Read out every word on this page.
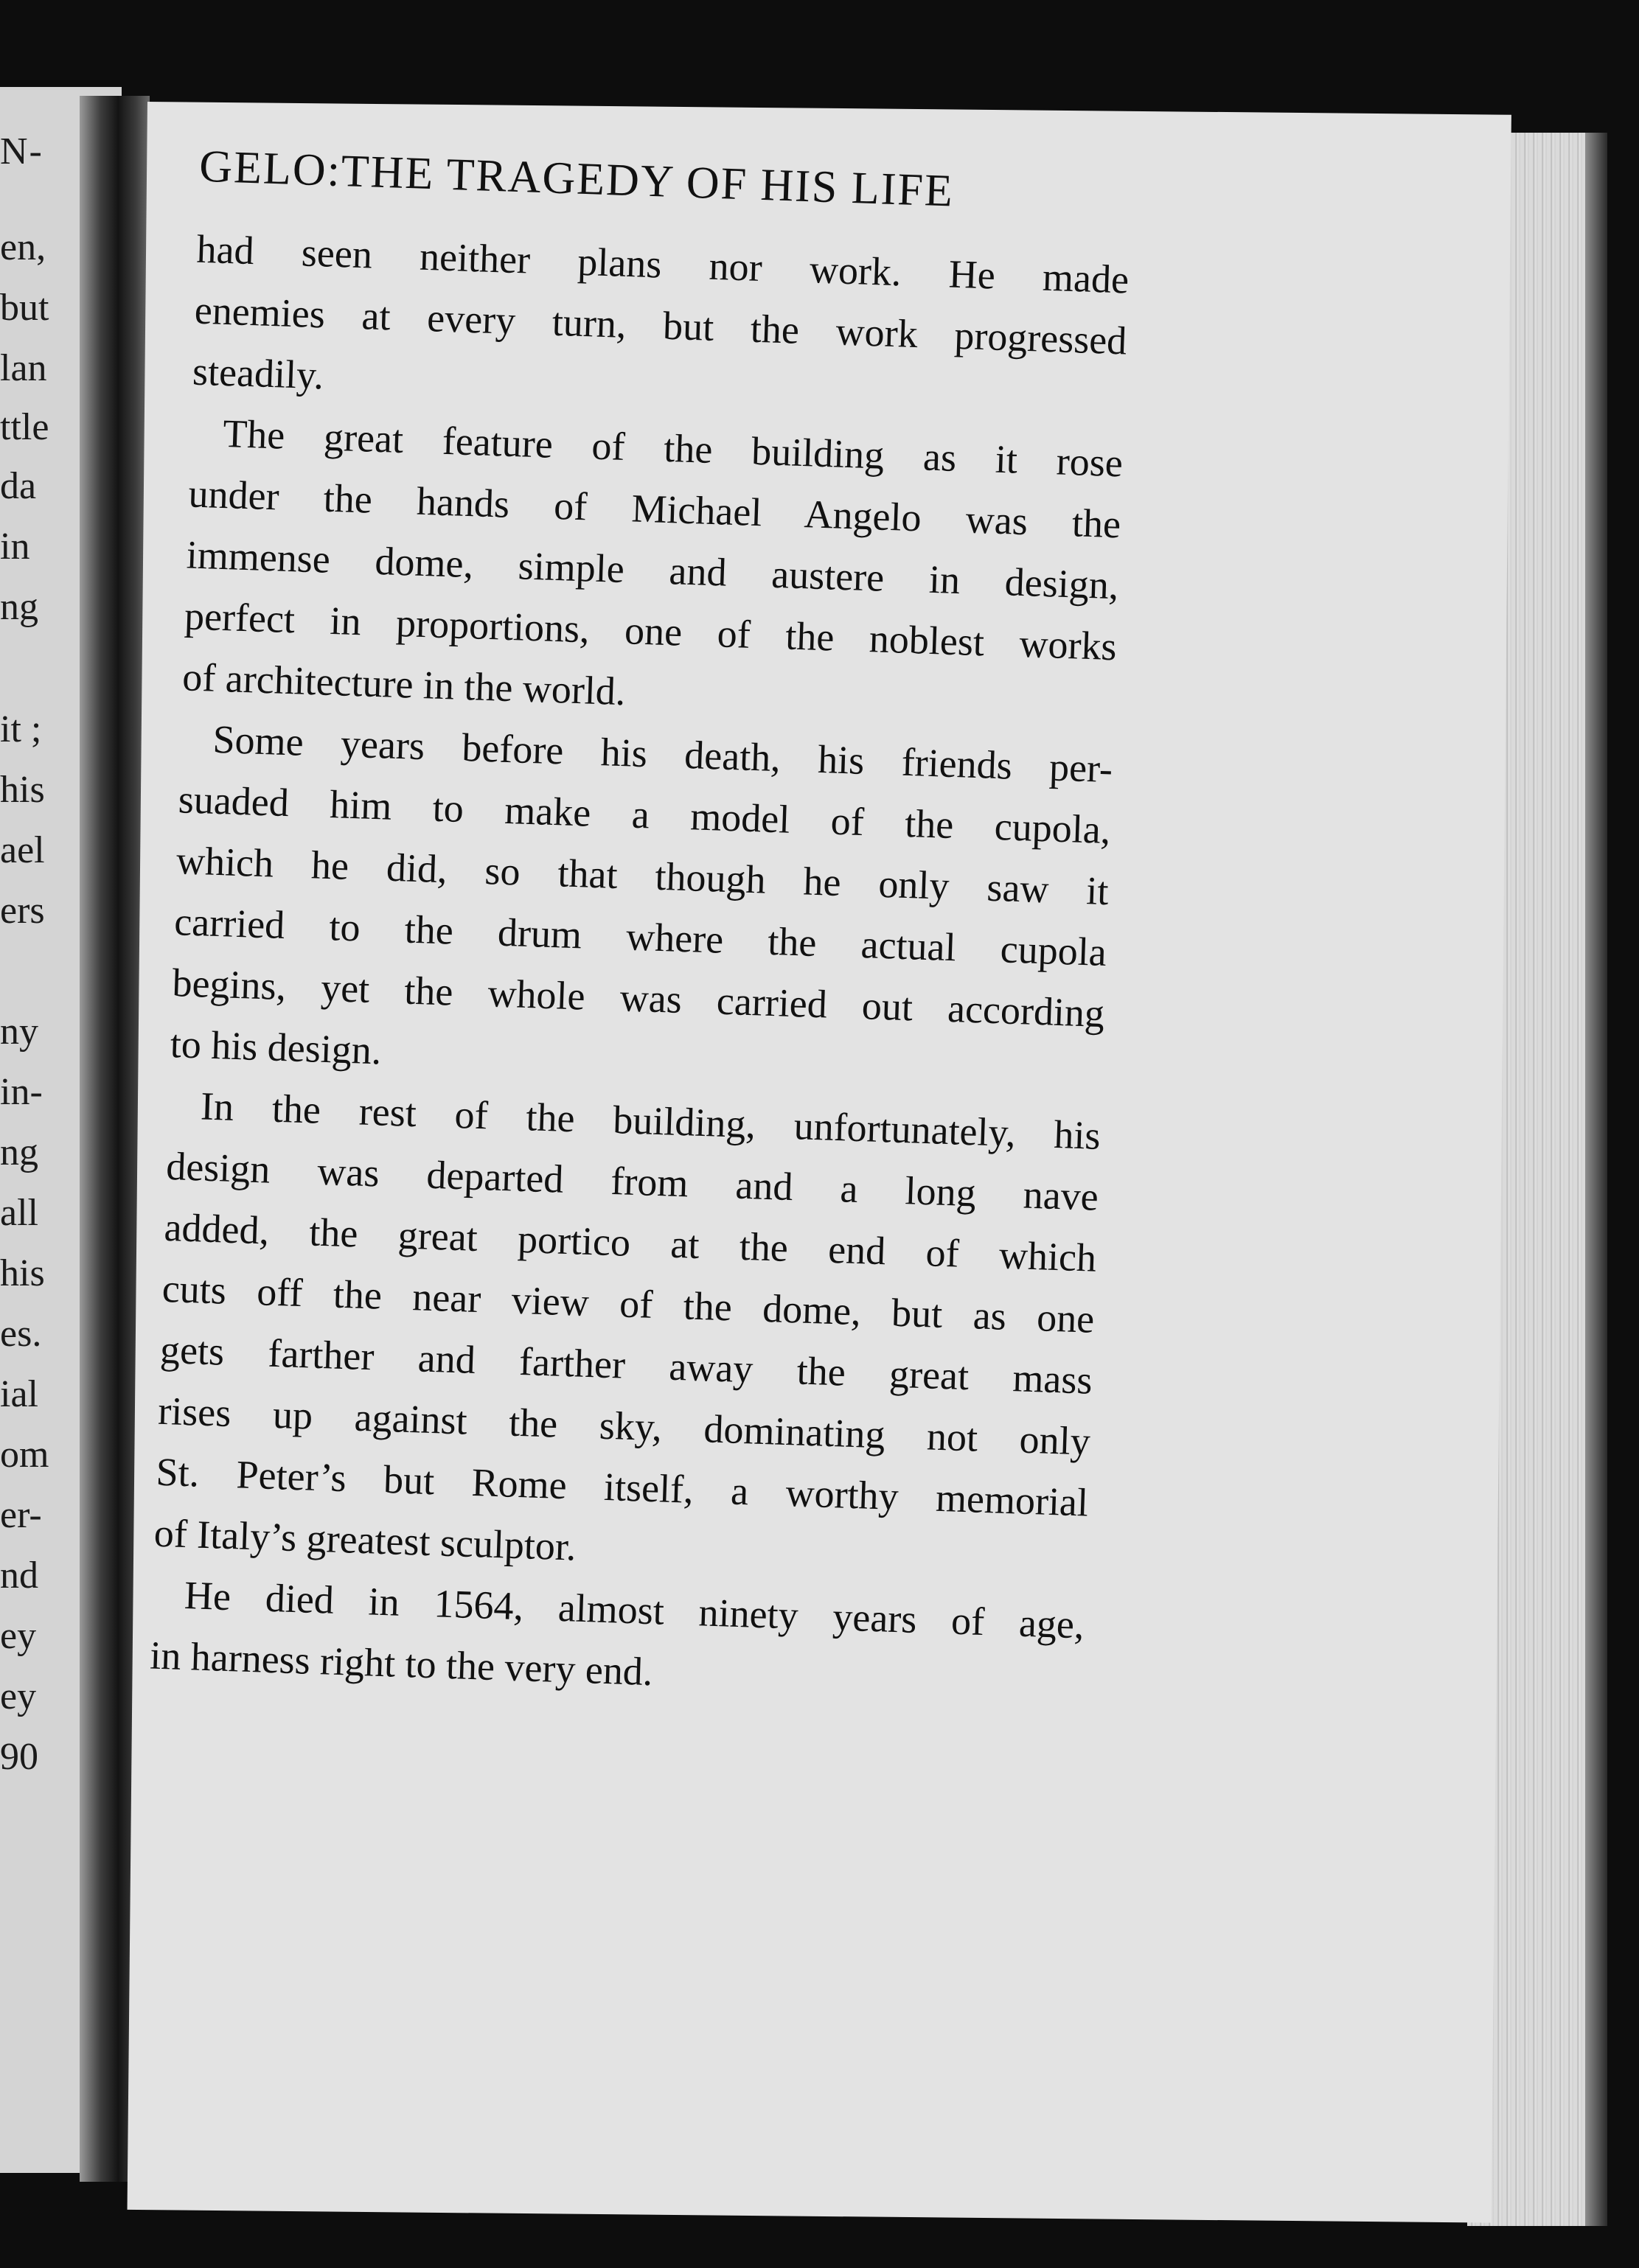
N-
en,
but
lan
ttle
da
in
ng
it ;
his
ael
ers
ny
in-
ng
all
his
es.
ial
om
er-
nd
ey
ey
90
GELO:THE TRAGEDY OF HIS LIFE
had seen neither plans nor work. He made
enemies at every turn, but the work progressed
steadily.
The great feature of the building as it rose
under the hands of Michael Angelo was the
immense dome, simple and austere in design,
perfect in proportions, one of the noblest works
of architecture in the world.
Some years before his death, his friends per-
suaded him to make a model of the cupola,
which he did, so that though he only saw it
carried to the drum where the actual cupola
begins, yet the whole was carried out according
to his design.
In the rest of the building, unfortunately, his
design was departed from and a long nave
added, the great portico at the end of which
cuts off the near view of the dome, but as one
gets farther and farther away the great mass
rises up against the sky, dominating not only
St. Peter’s but Rome itself, a worthy memorial
of Italy’s greatest sculptor.
He died in 1564, almost ninety years of age,
in harness right to the very end.
